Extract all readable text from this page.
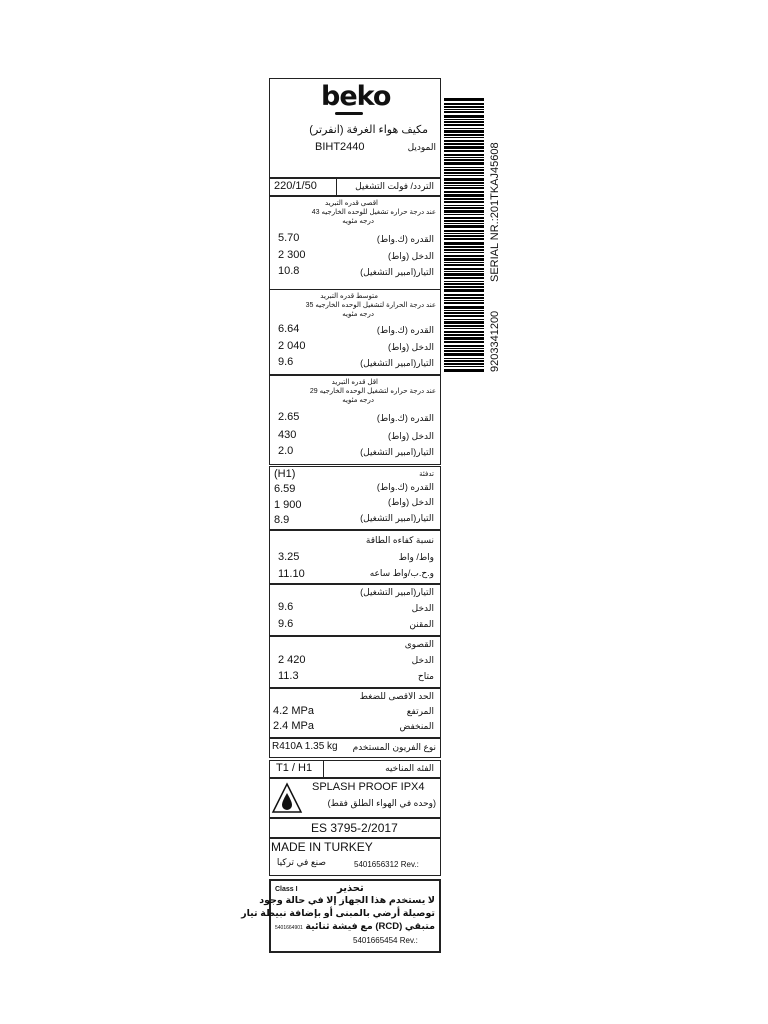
beko
مكيف هواء الغرفة (انفرتر)
BIHT2440	الموديل
220/1/50	التردد/ فولت التشغيل
اقصى قدره التبريد
عند درجة حراره تشغيل للوحده الخارجيه 43
درجه مئويه
5.70	القدره (ك.واط)
2 300	الدخل (واط)
10.8	التيار(امبير التشغيل)
متوسط قدره التبريد
عند درجة الحرارة لتشغيل الوحده الخارجيه 35
درجه مئويه
6.64	القدره (ك.واط)
2 040	الدخل (واط)
9.6	التيار(امبير التشغيل)
اقل قدره التبريد
عند درجة حراره لتشغيل الوحده الخارجيه 29
درجه مئويه
2.65	القدره (ك.واط)
430	الدخل (واط)
2.0	التيار(امبير التشغيل)
(H1)	تدفئة
6.59	القدره (ك.واط)
1 900	الدخل (واط)
8.9	التيار(امبير التشغيل)
نسبة كفاءه الطاقة
3.25	واط/ واط
11.10	و.ح.ب/واط ساعه
التيار(امبير التشغيل)
9.6	الدخل
9.6	المقنن
القصوى
2 420	الدخل
11.3	متاح
الحد الاقصى للضغط
4.2 MPa	المرتفع
2.4 MPa	المنخفض
R410A 1.35 kg نوع الفريون المستخدم
T1 / H1	الفئه المناخيه
SPLASH PROOF IPX4
(وحده في الهواء الطلق فقط)
ES 3795-2/2017
MADE IN TURKEY
صنع في تركيا	5401656312 Rev.:
Class I	تحذير
لا يستخدم هذا الجهاز إلا في حالة وجود
توصيلة أرضي بالمبنى أو بإضافة نبيطة تيار
متبقي (RCD) مع فيشة ثنائية
5401664901
5401665454 Rev.:
9203341200
SERIAL NR.:201TKAJ45608
